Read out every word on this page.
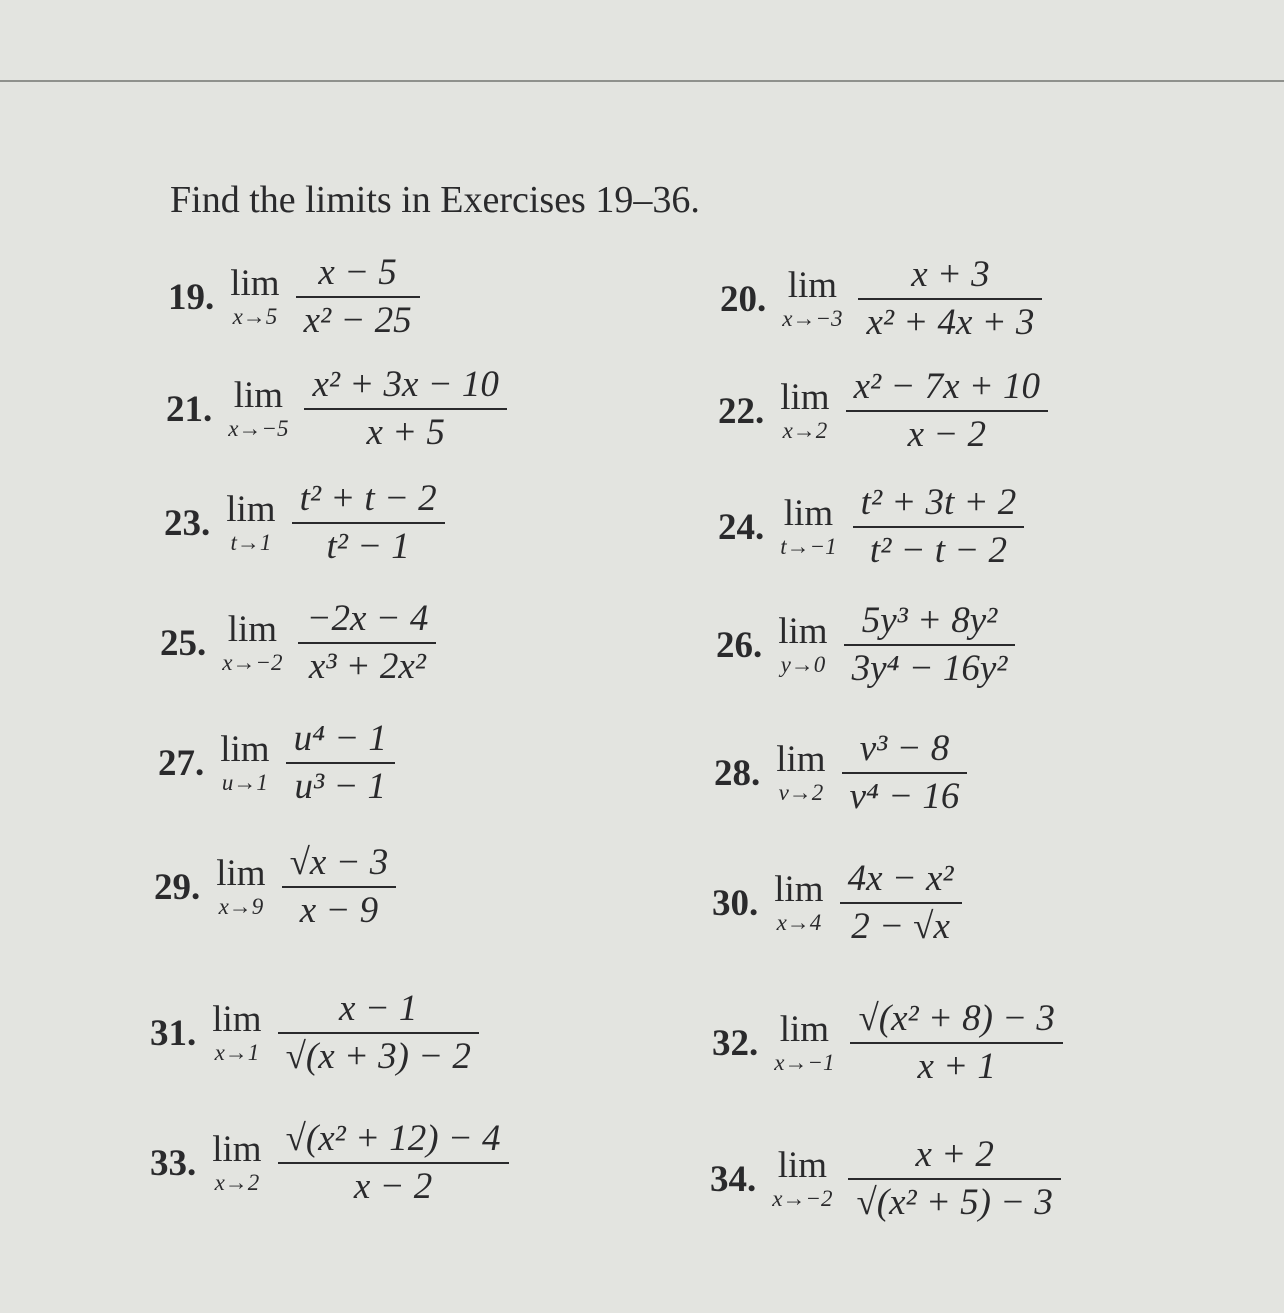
Find the limits in Exercises 19–36.
19. lim
$x\to 5 \frac{x - 5}{\text{x² − 25}}$	20. lim
$x\to-3 \frac{x + 3}{\text{x² + 4x + 3}}$
21. lim
$x\to-5 \frac{\text{x² + 3x − 10}}{x + 5}$	22. lim
$x\to 2 \frac{\text{x² − 7x + 10}}{x - 2}$
23. lim
$t\to 1 \frac{\text{t² + t − 2}}{\text{t² − 1}}$	24. lim
$t\to-1 \frac{\text{t² + 3t + 2}}{\text{t² − t − 2}}$
25. lim
$x\to-2 \frac{-2x - 4}{\text{x³ + 2x²}}$	26. lim
$y\to 0 \frac{\text{5y³ + 8y²}}{\text{3y⁴ − 16y²}}$
27. lim
$u\to 1 \frac{\text{u⁴ − 1}}{\text{u³ − 1}}$	28. lim
$v\to 2 \frac{\text{v³ − 8}}{\text{v⁴ − 16}}$
29. lim
$x\to 9 \frac{√x - 3}{x - 9}$	30. lim
$x\to 4 \frac{\text{4x − x²}}{2 - √x}$
31. lim
$x\to 1 \frac{x - 1}{√(x + 3) - 2}$	32. lim
$x\to-1 \frac{\text{√(x² + 8) − 3}}{x + 1}$
33. lim
$x\to 2 \frac{\text{√(x² + 12) − 4}}{x - 2}$	34. lim
$x\to-2 \frac{x + 2}{\text{√(x² + 5) − 3}}$
